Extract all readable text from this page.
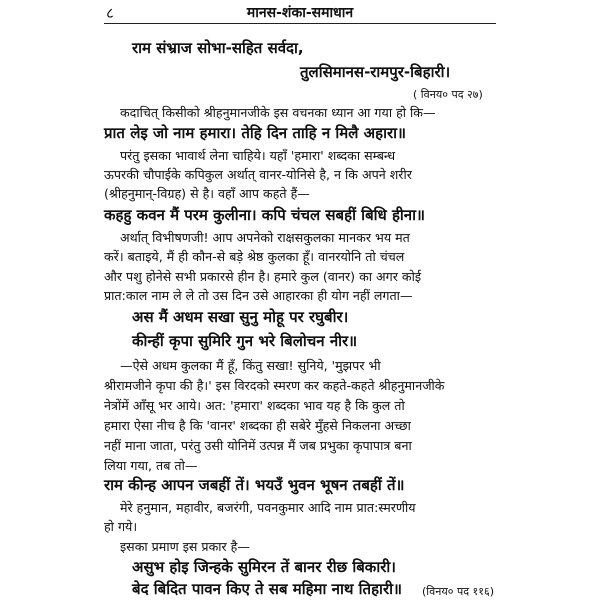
८	मानस-शंका-समाधान
राम संभ्राज सोभा-सहित सर्वदा,
तुलसिमानस-रामपुर-बिहारी।
( विनय० पद २७)
कदाचित् किसीको श्रीहनुमानजीके इस वचनका ध्यान आ गया हो कि—
प्रात लेइ जो नाम हमारा। तेहि दिन ताहि न मिलै अहारा॥
परंतु इसका भावार्थ लेना चाहिये। यहाँ 'हमारा' शब्दका सम्बन्ध
ऊपरकी चौपाईके कपिकुल अर्थात् वानर-योनिसे है, न कि अपने शरीर
(श्रीहनुमान्-विग्रह) से है। वहाँ आप कहते हैं—
कहहु कवन मैं परम कुलीना। कपि चंचल सबहीं बिधि हीना॥
अर्थात् विभीषणजी! आप अपनेको राक्षसकुलका मानकर भय मत
करें। बताइये, मैं ही कौन-से बड़े श्रेष्ठ कुलका हूँ। वानरयोनि तो चंचल
और पशु होनेसे सभी प्रकारसे हीन है। हमारे कुल (वानर) का अगर कोई
प्रात:काल नाम ले ले तो उस दिन उसे आहारका ही योग नहीं लगता—
अस मैं अधम सखा सुनु मोहू पर रघुबीर।
कीन्हीं कृपा सुमिरि गुन भरे बिलोचन नीर॥
—ऐसे अधम कुलका मैं हूँ, किंतु सखा! सुनिये, 'मुझपर भी
श्रीरामजीने कृपा की है।' इस विरदको स्मरण कर कहते-कहते श्रीहनुमानजीके
नेत्रोंमें आँसू भर आये। अत: 'हमारा' शब्दका भाव यह है कि कुल तो
हमारा ऐसा नीच है कि 'वानर' शब्दका ही सबेरे मुँहसे निकलना अच्छा
नहीं माना जाता, परंतु उसी योनिमें उत्पन्न मैं जब प्रभुका कृपापात्र बना
लिया गया, तब तो—
राम कीन्ह आपन जबहीं तें। भयउँ भुवन भूषन तबहीं तें॥
मेरे हनुमान, महावीर, बजरंगी, पवनकुमार आदि नाम प्रात:स्मरणीय
हो गये।
इसका प्रमाण इस प्रकार है—
असुभ होइ जिन्हके सुमिरन तें बानर रीछ बिकारी।
बेद बिदित पावन किए ते सब महिमा नाथ तिहारी॥ (विनय० पद ११६)
